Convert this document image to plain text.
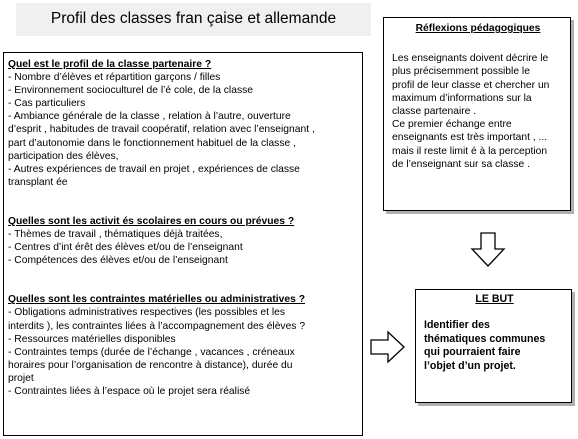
Profil des classes fran çaise et allemande
Quel est le profil de la classe partenaire ?
- Nombre d’élèves et répartition garçons / filles
- Environnement socioculturel de l’é cole, de la classe
- Cas particuliers
- Ambiance générale de la classe , relation à l’autre, ouverture
d’esprit , habitudes de travail coopératif, relation avec l’enseignant ,
part d’autonomie dans le fonctionnement habituel de la classe ,
participation des élèves,
- Autres expériences de travail en projet , expériences de classe
transplant ée
Quelles sont les activit és scolaires en cours ou prévues ?
- Thèmes de travail , thématiques déjà traitées,
- Centres d’int érêt des élèves et/ou de l’enseignant
- Compétences des élèves et/ou de l’enseignant
Quelles sont les contraintes matérielles ou administratives ?
- Obligations administratives respectives (les possibles et les
interdits ), les contraintes liées à l’accompagnement des élèves ?
- Ressources matérielles disponibles
- Contraintes temps (durée de l’échange , vacances , créneaux
horaires pour l’organisation de rencontre à distance), durée du
projet
- Contraintes liées à l’espace où le projet sera réalisé
Réflexions pédagogiques
Les enseignants doivent décrire le
plus précisemment possible le
profil de leur classe et chercher un
maximum d’informations sur la
classe partenaire .
Ce premier échange entre
enseignants est très important , ...
mais il reste limit é à la perception
de l’enseignant sur sa classe .
LE BUT
Identifier des
thématiques communes
qui pourraient faire
l’objet d’un projet.
